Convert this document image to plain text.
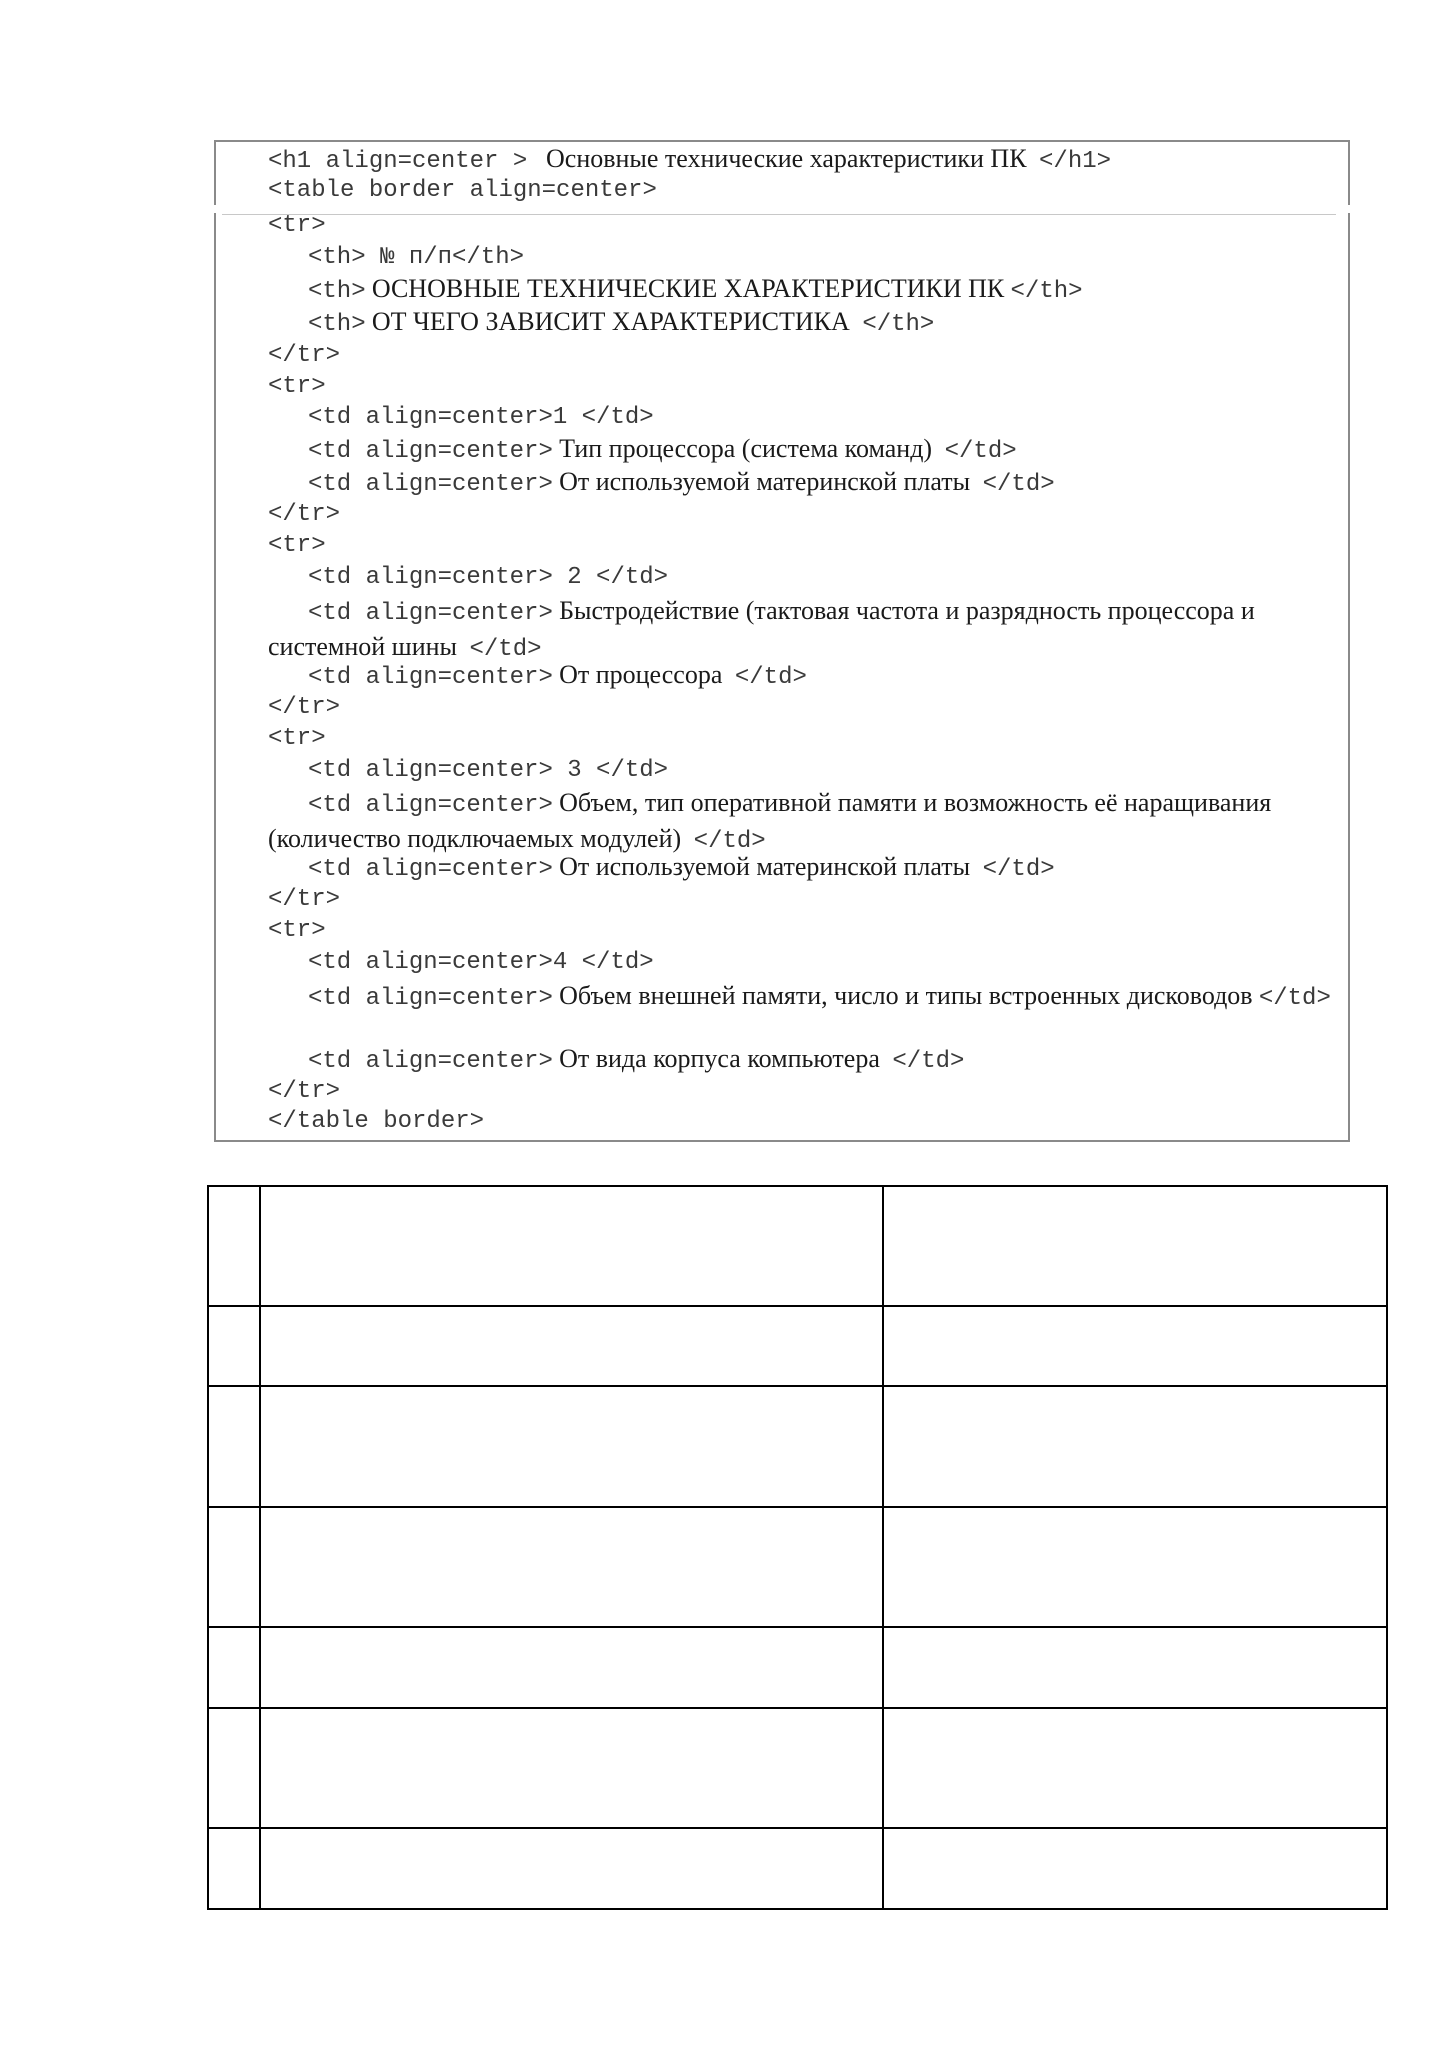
<h1 align=center > Основные технические характеристики ПК </h1>
<table border align=center>
<tr>
<th> № п/п</th>
<th> ОСНОВНЫЕ ТЕХНИЧЕСКИЕ ХАРАКТЕРИСТИКИ ПК </th>
<th> ОТ ЧЕГО ЗАВИСИТ ХАРАКТЕРИСТИКА </th>
</tr>
<tr>
<td align=center>1 </td>
<td align=center> Тип процессора (система команд) </td>
<td align=center> От используемой материнской платы </td>
</tr>
<tr>
<td align=center> 2 </td>
<td align=center> Быстродействие (тактовая частота и разрядность процессора и системной шины </td>
<td align=center> От процессора </td>
</tr>
<tr>
<td align=center> 3 </td>
<td align=center> Объем, тип оперативной памяти и возможность её наращивания (количество подключаемых модулей) </td>
<td align=center> От используемой материнской платы </td>
</tr>
<tr>
<td align=center>4 </td>
<td align=center> Объем внешней памяти, число и типы встроенных дисководов </td>
<td align=center> От вида корпуса компьютера </td>
</tr>
</table border>
